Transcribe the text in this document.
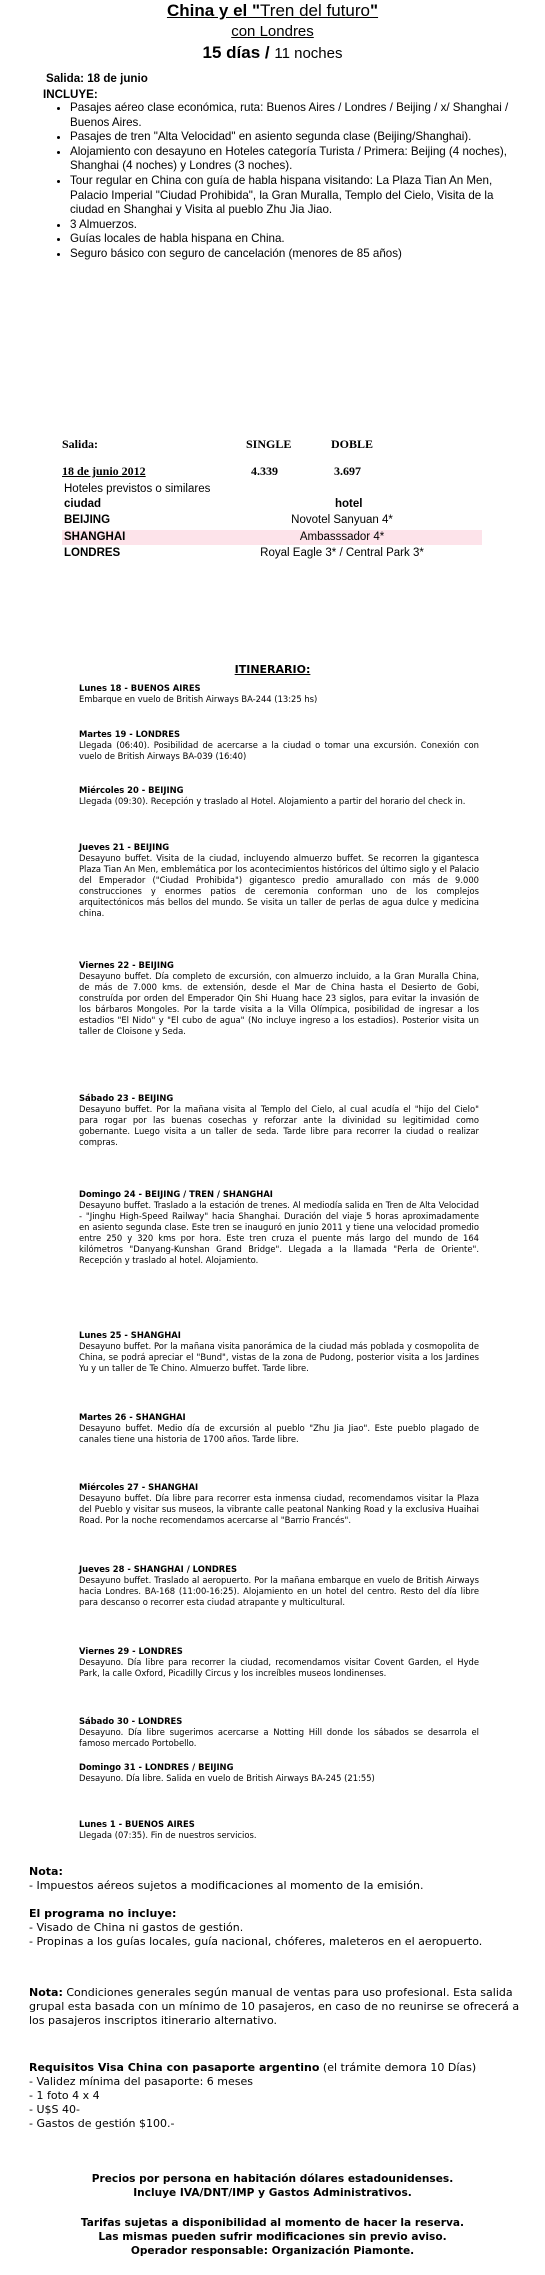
China y el "Tren del futuro"
con Londres
15 días / 11 noches
Salida: 18 de junio
INCLUYE:
• Pasajes aéreo clase económica, ruta: Buenos Aires / Londres / Beijing / x/ Shanghai / Buenos Aires.
• Pasajes de tren "Alta Velocidad" en asiento segunda clase (Beijing/Shanghai).
• Alojamiento con desayuno en Hoteles categoría Turista / Primera: Beijing (4 noches), Shanghai (4 noches) y Londres (3 noches).
• Tour regular en China con guía de habla hispana visitando: La Plaza Tian An Men, Palacio Imperial "Ciudad Prohibida", la Gran Muralla, Templo del Cielo, Visita de la ciudad en Shanghai y Visita al pueblo Zhu Jia Jiao.
• 3 Almuerzos.
• Guías locales de habla hispana en China.
• Seguro básico con seguro de cancelación (menores de 85 años)
Salida:	SINGLE	DOBLE
18 de junio 2012	4.339	3.697
Hoteles previstos o similares
ciudad	hotel
BEIJING	Novotel Sanyuan 4*
SHANGHAI	Ambasssador 4*
LONDRES	Royal Eagle 3* / Central Park 3*
ITINERARIO:
Lunes 18 - BUENOS AIRES
Embarque en vuelo de British Airways BA-244 (13:25 hs)
Martes 19 - LONDRES
Llegada (06:40). Posibilidad de acercarse a la ciudad o tomar una excursión. Conexión con vuelo de British Airways BA-039 (16:40)
Miércoles 20 - BEIJING
Llegada (09:30). Recepción y traslado al Hotel. Alojamiento a partir del horario del check in.
Jueves 21 - BEIJING
Desayuno buffet. Visita de la ciudad, incluyendo almuerzo buffet. Se recorren la gigantesca Plaza Tian An Men, emblemática por los acontecimientos históricos del último siglo y el Palacio del Emperador ("Ciudad Prohibida") gigantesco predio amurallado con más de 9.000 construcciones y enormes patios de ceremonia conforman uno de los complejos arquitectónicos más bellos del mundo. Se visita un taller de perlas de agua dulce y medicina china.
Viernes 22 - BEIJING
Desayuno buffet. Día completo de excursión, con almuerzo incluido, a la Gran Muralla China, de más de 7.000 kms. de extensión, desde el Mar de China hasta el Desierto de Gobi, construída por orden del Emperador Qin Shi Huang hace 23 siglos, para evitar la invasión de los bárbaros Mongoles. Por la tarde visita a la Villa Olímpica, posibilidad de ingresar a los estadios "El Nido" y "El cubo de agua" (No incluye ingreso a los estadios). Posterior visita un taller de Cloisone y Seda.
Sábado 23 - BEIJING
Desayuno buffet. Por la mañana visita al Templo del Cielo, al cual acudía el "hijo del Cielo" para rogar por las buenas cosechas y reforzar ante la divinidad su legitimidad como gobernante. Luego visita a un taller de seda. Tarde libre para recorrer la ciudad o realizar compras.
Domingo 24 - BEIJING / TREN / SHANGHAI
Desayuno buffet. Traslado a la estación de trenes. Al mediodía salida en Tren de Alta Velocidad - "Jinghu High-Speed Railway" hacia Shanghai. Duración del viaje 5 horas aproximadamente en asiento segunda clase. Este tren se inauguró en junio 2011 y tiene una velocidad promedio entre 250 y 320 kms por hora. Este tren cruza el puente más largo del mundo de 164 kilómetros "Danyang-Kunshan Grand Bridge". Llegada a la llamada "Perla de Oriente". Recepción y traslado al hotel. Alojamiento.
Lunes 25 - SHANGHAI
Desayuno buffet. Por la mañana visita panorámica de la ciudad más poblada y cosmopolita de China, se podrá apreciar el "Bund", vistas de la zona de Pudong, posterior visita a los Jardines Yu y un taller de Te Chino. Almuerzo buffet. Tarde libre.
Martes 26 - SHANGHAI
Desayuno buffet. Medio día de excursión al pueblo "Zhu Jia Jiao". Este pueblo plagado de canales tiene una historia de 1700 años. Tarde libre.
Miércoles 27 - SHANGHAI
Desayuno buffet. Día libre para recorrer esta inmensa ciudad, recomendamos visitar la Plaza del Pueblo y visitar sus museos, la vibrante calle peatonal Nanking Road y la exclusiva Huaihai Road. Por la noche recomendamos acercarse al "Barrio Francés".
Jueves 28 - SHANGHAI / LONDRES
Desayuno buffet. Traslado al aeropuerto. Por la mañana embarque en vuelo de British Airways hacia Londres. BA-168 (11:00-16:25). Alojamiento en un hotel del centro. Resto del día libre para descanso o recorrer esta ciudad atrapante y multicultural.
Viernes 29 - LONDRES
Desayuno. Día libre para recorrer la ciudad, recomendamos visitar Covent Garden, el Hyde Park, la calle Oxford, Picadilly Circus y los increíbles museos londinenses.
Sábado 30 - LONDRES
Desayuno. Día libre sugerimos acercarse a Notting Hill donde los sábados se desarrola el famoso mercado Portobello.
Domingo 31 - LONDRES / BEIJING
Desayuno. Día libre. Salida en vuelo de British Airways BA-245 (21:55)
Lunes 1 - BUENOS AIRES
Llegada (07:35). Fin de nuestros servicios.
Nota:
- Impuestos aéreos sujetos a modificaciones al momento de la emisión.
El programa no incluye:
- Visado de China ni gastos de gestión.
- Propinas a los guías locales, guía nacional, chóferes, maleteros en el aeropuerto.
Nota: Condiciones generales según manual de ventas para uso profesional. Esta salida grupal esta basada con un mínimo de 10 pasajeros, en caso de no reunirse se ofrecerá a los pasajeros inscriptos itinerario alternativo.
Requisitos Visa China con pasaporte argentino (el trámite demora 10 Días)
- Validez mínima del pasaporte: 6 meses
- 1 foto 4 x 4
- U$S 40-
- Gastos de gestión $100.-
Precios por persona en habitación dólares estadounidenses.
Incluye IVA/DNT/IMP y Gastos Administrativos.
Tarifas sujetas a disponibilidad al momento de hacer la reserva.
Las mismas pueden sufrir modificaciones sin previo aviso.
Operador responsable: Organización Piamonte.
